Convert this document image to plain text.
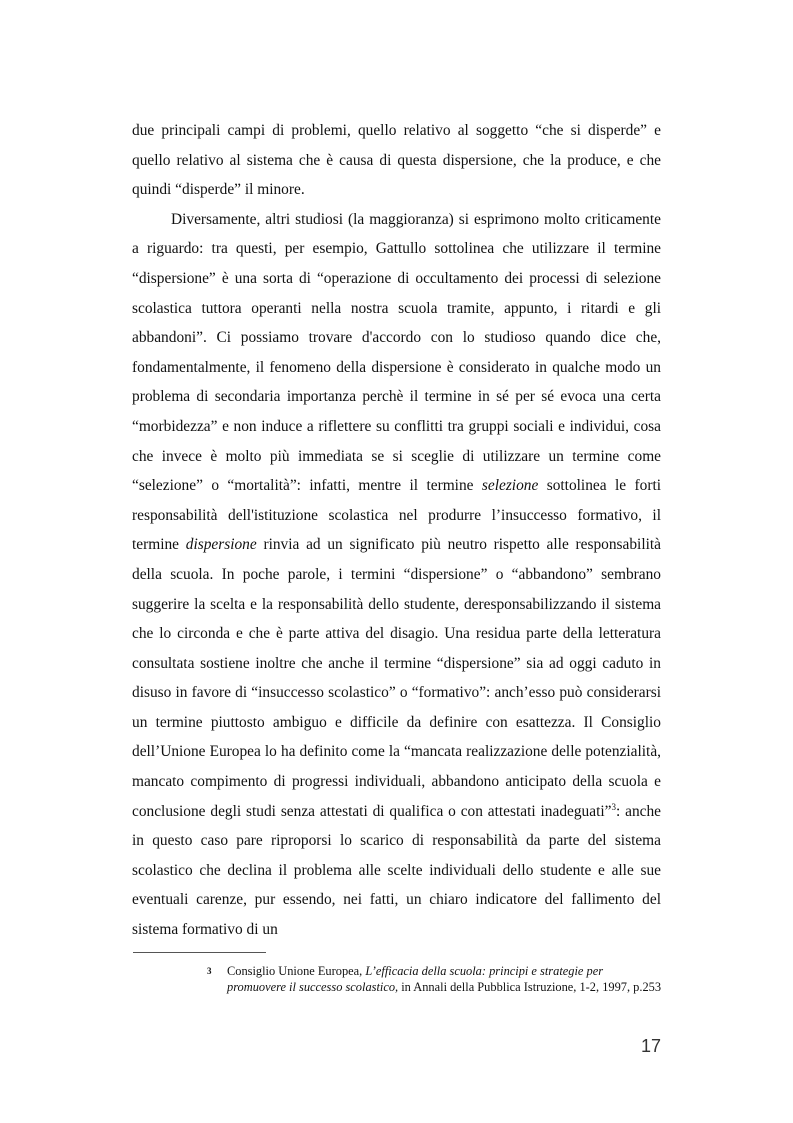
due principali campi di problemi, quello relativo al soggetto “che si disperde” e quello relativo al sistema che è causa di questa dispersione, che la produce, e che quindi “disperde” il minore.

Diversamente, altri studiosi (la maggioranza) si esprimono molto criticamente a riguardo: tra questi, per esempio, Gattullo sottolinea che utilizzare il termine “dispersione” è una sorta di “operazione di occultamento dei processi di selezione scolastica tuttora operanti nella nostra scuola tramite, appunto, i ritardi e gli abbandoni”. Ci possiamo trovare d'accordo con lo studioso quando dice che, fondamentalmente, il fenomeno della dispersione è considerato in qualche modo un problema di secondaria importanza perchè il termine in sé per sé evoca una certa “morbidezza” e non induce a riflettere su conflitti tra gruppi sociali e individui, cosa che invece è molto più immediata se si sceglie di utilizzare un termine come “selezione” o “mortalità”: infatti, mentre il termine selezione sottolinea le forti responsabilità dell'istituzione scolastica nel produrre l’insuccesso formativo, il termine dispersione rinvia ad un significato più neutro rispetto alle responsabilità della scuola. In poche parole, i termini “dispersione” o “abbandono” sembrano suggerire la scelta e la responsabilità dello studente, deresponsabilizzando il sistema che lo circonda e che è parte attiva del disagio. Una residua parte della letteratura consultata sostiene inoltre che anche il termine “dispersione” sia ad oggi caduto in disuso in favore di “insuccesso scolastico” o “formativo”: anch’esso può considerarsi un termine piuttosto ambiguo e difficile da definire con esattezza. Il Consiglio dell’Unione Europea lo ha definito come la “mancata realizzazione delle potenzialità, mancato compimento di progressi individuali, abbandono anticipato della scuola e conclusione degli studi senza attestati di qualifica o con attestati inadeguati”$^3$: anche in questo caso pare riproporsi lo scarico di responsabilità da parte del sistema scolastico che declina il problema alle scelte individuali dello studente e alle sue eventuali carenze, pur essendo, nei fatti, un chiaro indicatore del fallimento del sistema formativo di un

3	Consiglio Unione Europea, L’efficacia della scuola: principi e strategie per promuovere il successo scolastico, in Annali della Pubblica Istruzione, 1-2, 1997, p.253
17
